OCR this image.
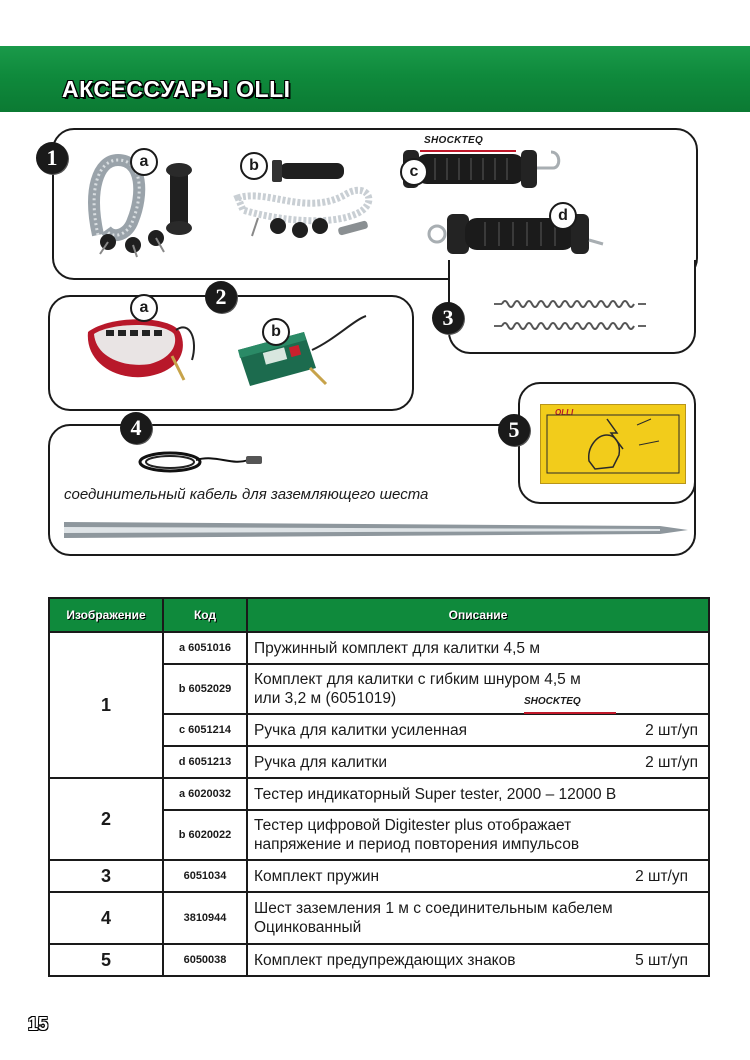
АКСЕССУАРЫ OLLI
1	a	b
SHOCKTEQ
c
d
2
a
b
3
4
соединительный кабель для заземляющего шеста
5
OLLI
Изображение	Код	Описание
1	a 6051016	Пружинный комплект для калитки 4,5 м

	b 6052029	Комплект для калитки с гибким шнуром 4,5 м
или 3,2 м (6051019) SHOCKTEQ

	c 6051214	Ручка для калитки усиленная 2 шт/уп

	d 6051213	Ручка для калитки 2 шт/уп

2	a 6020032	Тестер индикаторный Super tester, 2000 – 12000 В

	b 6020022	Тестер цифровой Digitester plus отображает
напряжение и период повторения импульсов

3	6051034	Комплект пружин 2 шт/уп

4	3810944	Шест заземления 1 м с соединительным кабелем
Оцинкованный

5	6050038	Комплект предупреждающих знаков 5 шт/уп
15
